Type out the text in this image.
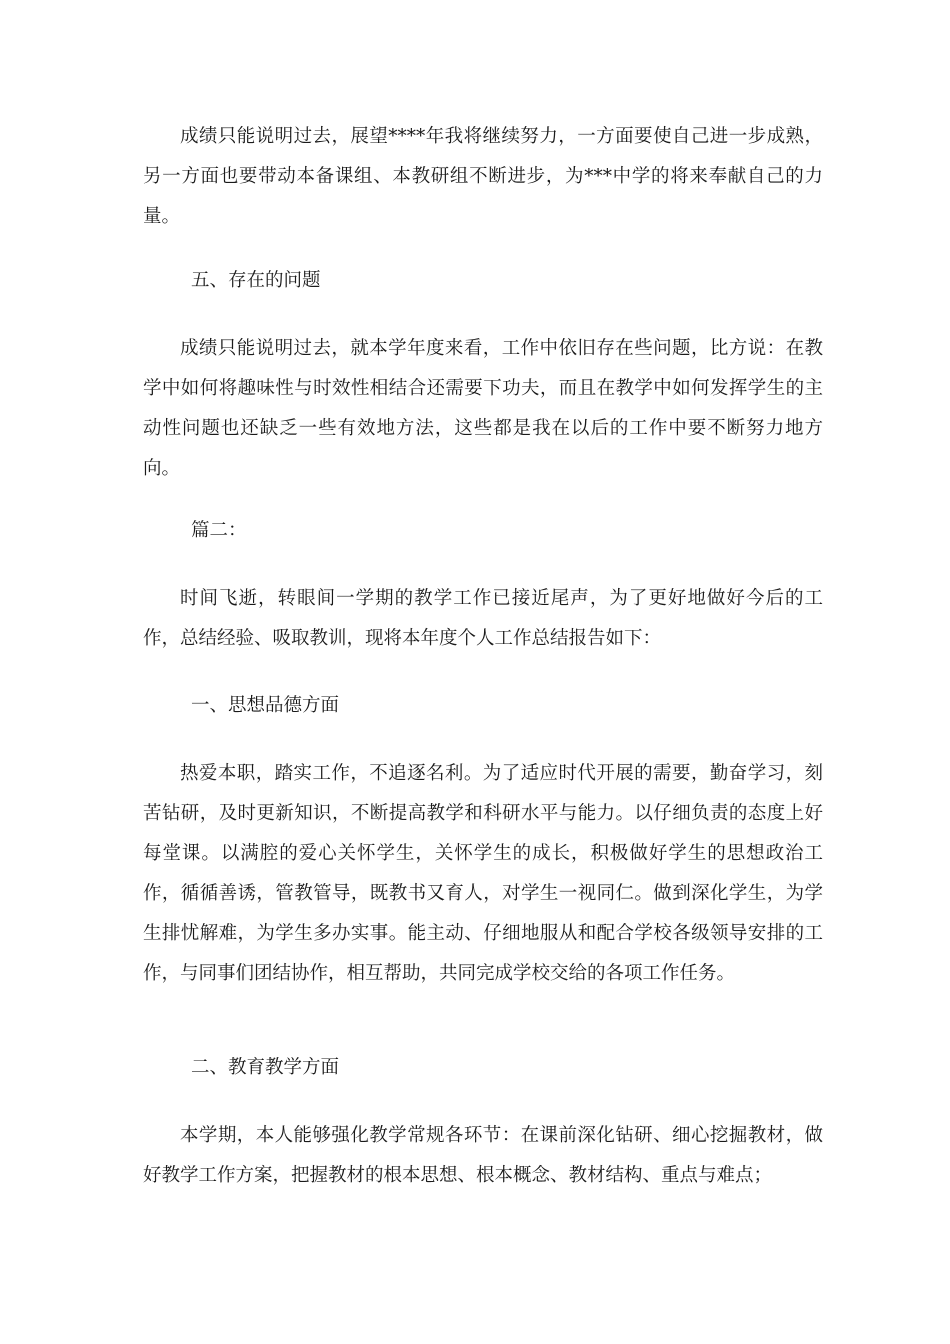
成绩只能说明过去，展望****年我将继续努力，一方面要使自己进一步成熟，另一方面也要带动本备课组、本教研组不断进步，为***中学的将来奉献自己的力量。

五、存在的问题

成绩只能说明过去，就本学年度来看，工作中依旧存在些问题，比方说：在教学中如何将趣味性与时效性相结合还需要下功夫，而且在教学中如何发挥学生的主动性问题也还缺乏一些有效地方法，这些都是我在以后的工作中要不断努力地方向。

篇二：

时间飞逝，转眼间一学期的教学工作已接近尾声，为了更好地做好今后的工作，总结经验、吸取教训，现将本年度个人工作总结报告如下：

一、思想品德方面

热爱本职，踏实工作，不追逐名利。为了适应时代开展的需要，勤奋学习，刻苦钻研，及时更新知识，不断提高教学和科研水平与能力。以仔细负责的态度上好每堂课。以满腔的爱心关怀学生，关怀学生的成长，积极做好学生的思想政治工作，循循善诱，管教管导，既教书又育人，对学生一视同仁。做到深化学生，为学生排忧解难，为学生多办实事。能主动、仔细地服从和配合学校各级领导安排的工作，与同事们团结协作，相互帮助，共同完成学校交给的各项工作任务。

二、教育教学方面

本学期，本人能够强化教学常规各环节：在课前深化钻研、细心挖掘教材，做好教学工作方案，把握教材的根本思想、根本概念、教材结构、重点与难点；
